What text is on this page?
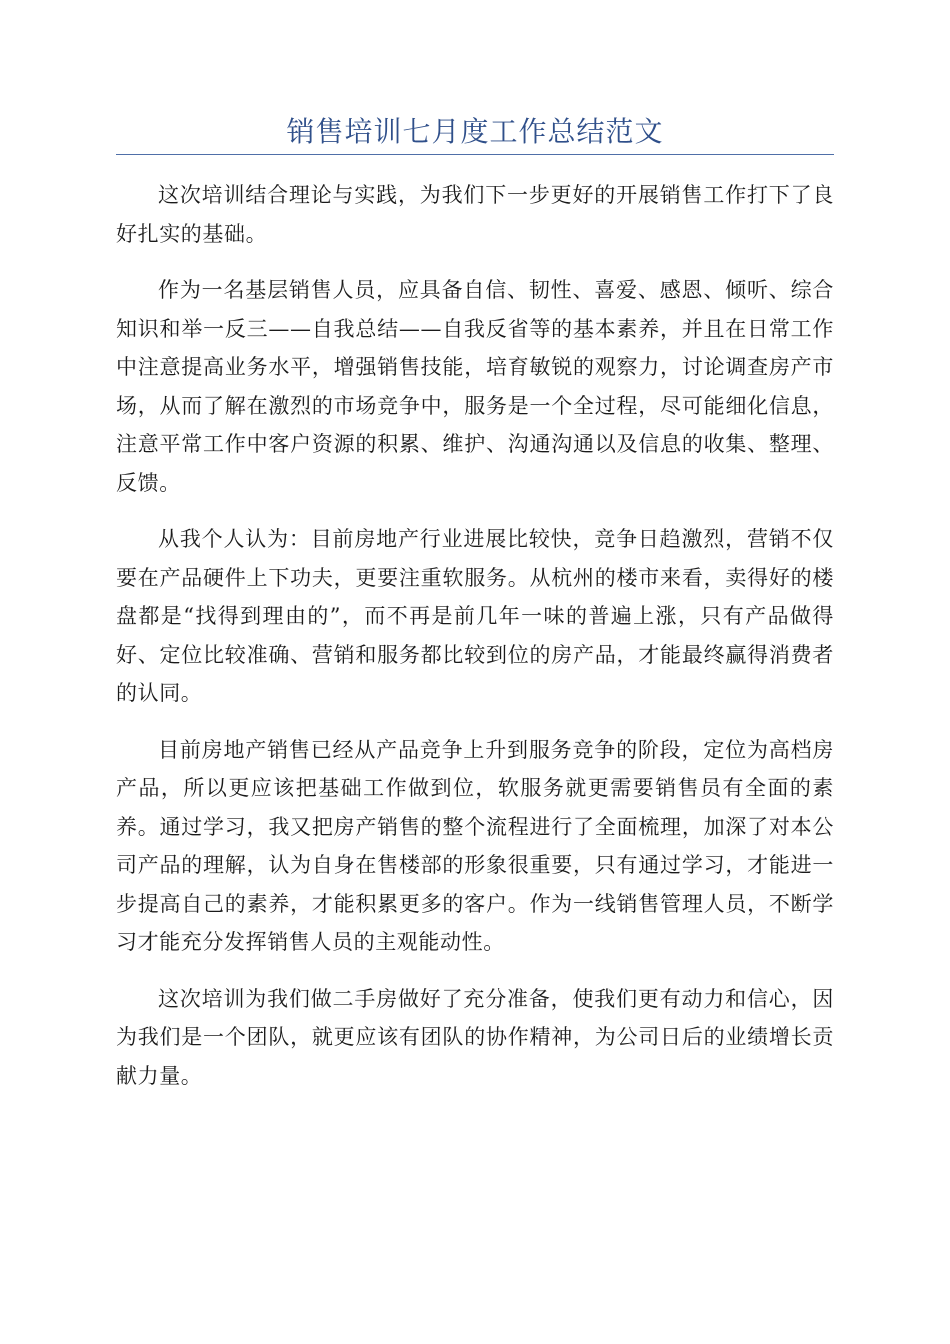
销售培训七月度工作总结范文

这次培训结合理论与实践，为我们下一步更好的开展销售工作打下了良好扎实的基础。

作为一名基层销售人员，应具备自信、韧性、喜爱、感恩、倾听、综合知识和举一反三——自我总结——自我反省等的基本素养，并且在日常工作中注意提高业务水平，增强销售技能，培育敏锐的观察力，讨论调查房产市场，从而了解在激烈的市场竞争中，服务是一个全过程，尽可能细化信息，注意平常工作中客户资源的积累、维护、沟通沟通以及信息的收集、整理、反馈。

从我个人认为：目前房地产行业进展比较快，竞争日趋激烈，营销不仅要在产品硬件上下功夫，更要注重软服务。从杭州的楼市来看，卖得好的楼盘都是“找得到理由的”，而不再是前几年一味的普遍上涨，只有产品做得好、定位比较准确、营销和服务都比较到位的房产品，才能最终赢得消费者的认同。

目前房地产销售已经从产品竞争上升到服务竞争的阶段，定位为高档房产品，所以更应该把基础工作做到位，软服务就更需要销售员有全面的素养。通过学习，我又把房产销售的整个流程进行了全面梳理，加深了对本公司产品的理解，认为自身在售楼部的形象很重要，只有通过学习，才能进一步提高自己的素养，才能积累更多的客户。作为一线销售管理人员，不断学习才能充分发挥销售人员的主观能动性。

这次培训为我们做二手房做好了充分准备，使我们更有动力和信心，因为我们是一个团队，就更应该有团队的协作精神，为公司日后的业绩增长贡献力量。
